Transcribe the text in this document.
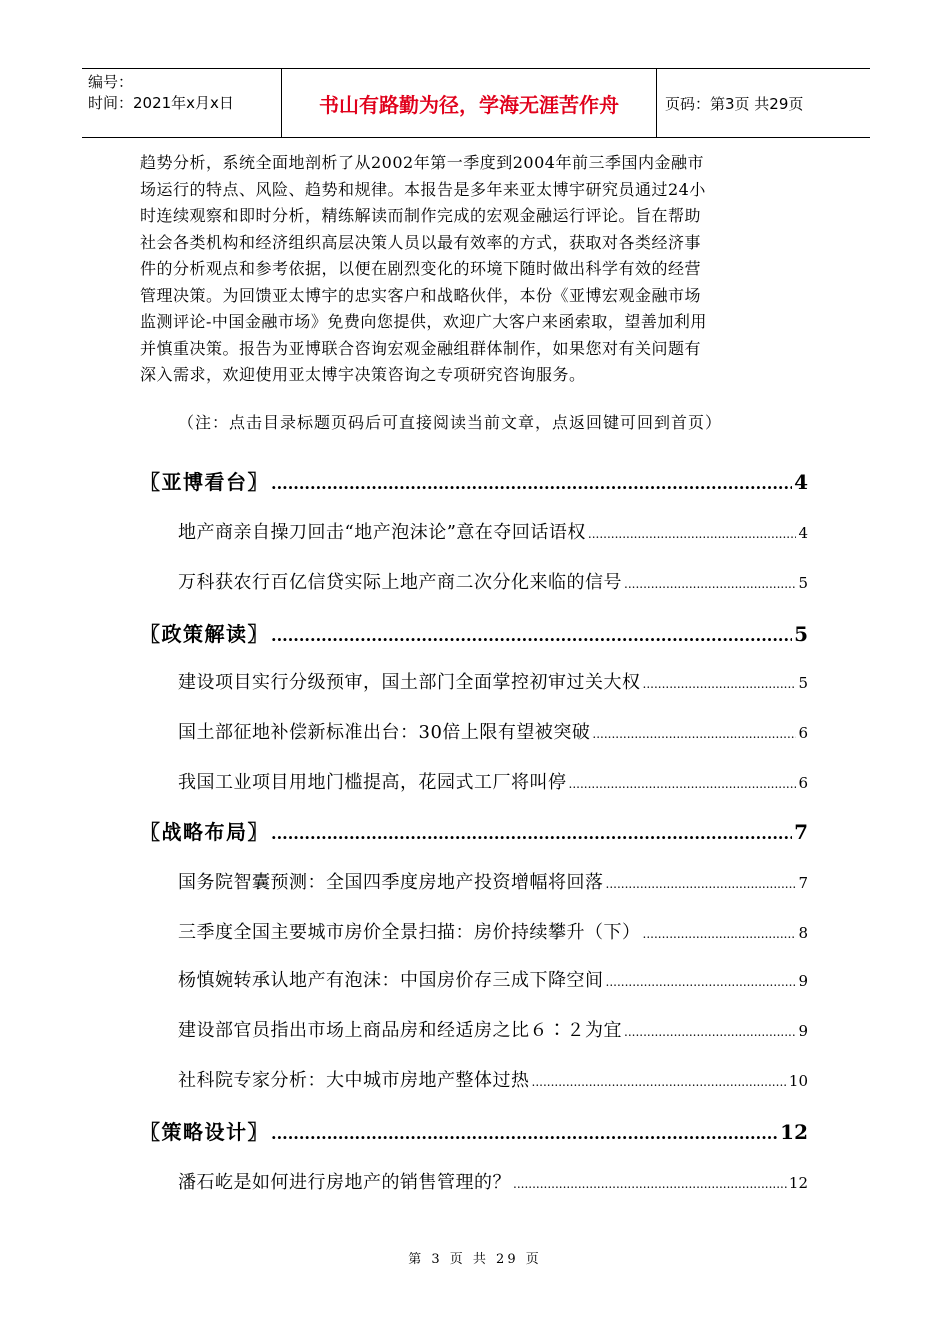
编号：
时间：2021年x月x日	书山有路勤为径，学海无涯苦作舟	页码：第3页 共29页
趋势分析，系统全面地剖析了从2002年第一季度到2004年前三季国内金融市
场运行的特点、风险、趋势和规律。本报告是多年来亚太博宇研究员通过24小
时连续观察和即时分析，精练解读而制作完成的宏观金融运行评论。旨在帮助
社会各类机构和经济组织高层决策人员以最有效率的方式，获取对各类经济事
件的分析观点和参考依据，以便在剧烈变化的环境下随时做出科学有效的经营
管理决策。为回馈亚太博宇的忠实客户和战略伙伴，本份《亚博宏观金融市场
监测评论-中国金融市场》免费向您提供，欢迎广大客户来函索取，望善加利用
并慎重决策。报告为亚博联合咨询宏观金融组群体制作，如果您对有关问题有
深入需求，欢迎使用亚太博宇决策咨询之专项研究咨询服务。
（注：点击目录标题页码后可直接阅读当前文章，点返回键可回到首页）
〖亚博看台〗 .....	4
地产商亲自操刀回击“地产泡沫论”意在夺回话语权 .....	4
万科获农行百亿信贷实际上地产商二次分化来临的信号 .....	5
〖政策解读〗 .....	5
建设项目实行分级预审，国土部门全面掌控初审过关大权 .....	5
国土部征地补偿新标准出台：30倍上限有望被突破 .....	6
我国工业项目用地门槛提高，花园式工厂将叫停 .....	6
〖战略布局〗 .....	7
国务院智囊预测：全国四季度房地产投资增幅将回落 .....	7
三季度全国主要城市房价全景扫描：房价持续攀升（下） .....	8
杨慎婉转承认地产有泡沫：中国房价存三成下降空间 .....	9
建设部官员指出市场上商品房和经适房之比６∶２为宜 .....	9
社科院专家分析：大中城市房地产整体过热 .....	10
〖策略设计〗 .....	12
潘石屹是如何进行房地产的销售管理的？ .....	12
第 3 页 共 29 页
